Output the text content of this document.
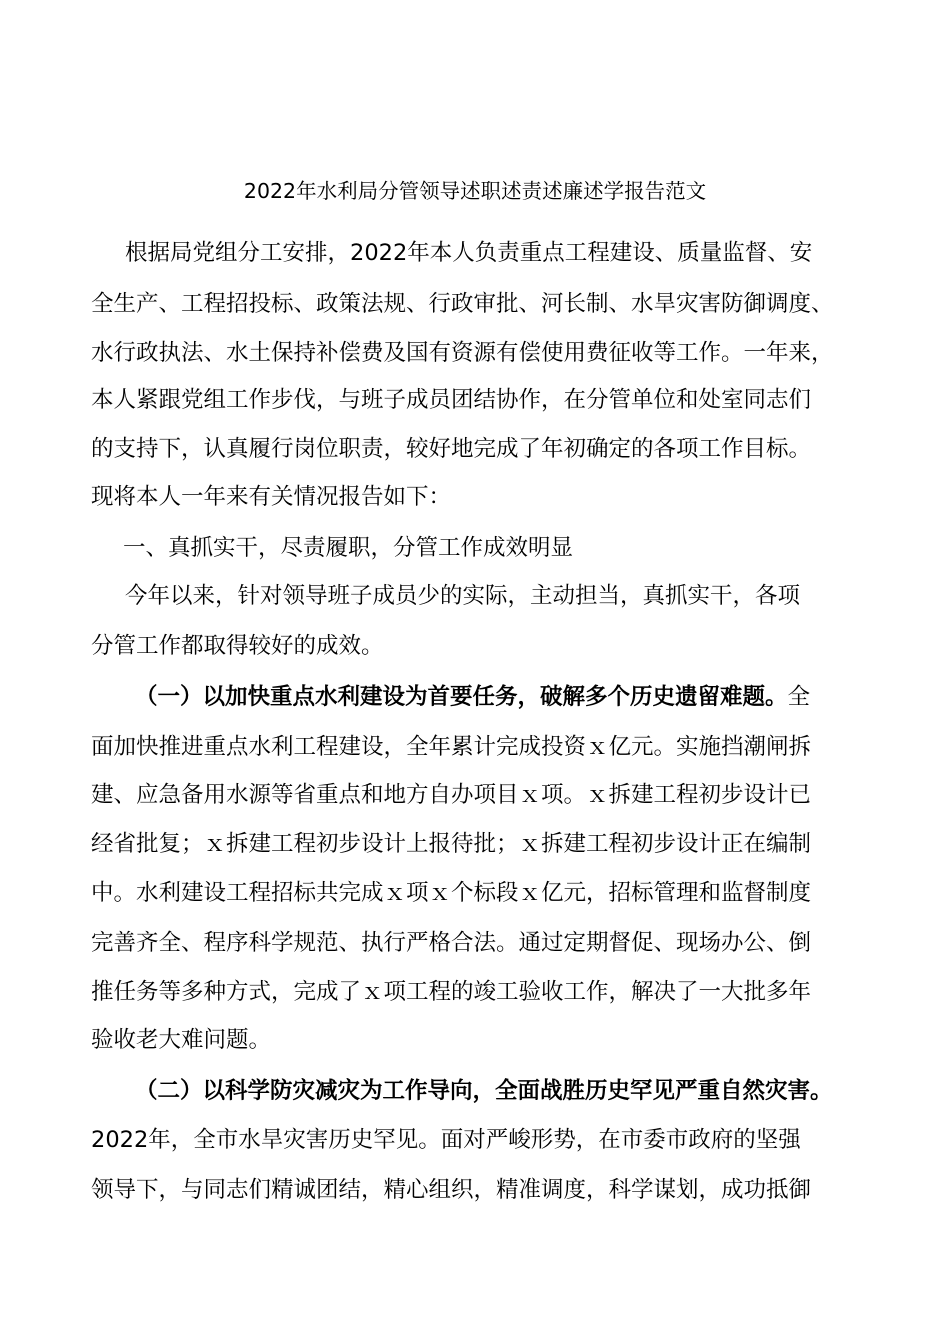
2022年水利局分管领导述职述责述廉述学报告范文
根据局党组分工安排，2022年本人负责重点工程建设、质量监督、安
全生产、工程招投标、政策法规、行政审批、河长制、水旱灾害防御调度、
水行政执法、水土保持补偿费及国有资源有偿使用费征收等工作。一年来，
本人紧跟党组工作步伐，与班子成员团结协作，在分管单位和处室同志们
的支持下，认真履行岗位职责，较好地完成了年初确定的各项工作目标。
现将本人一年来有关情况报告如下：
一、真抓实干，尽责履职，分管工作成效明显
今年以来，针对领导班子成员少的实际，主动担当，真抓实干，各项
分管工作都取得较好的成效。
（一）以加快重点水利建设为首要任务，破解多个历史遗留难题。全
面加快推进重点水利工程建设，全年累计完成投资ｘ亿元。实施挡潮闸拆
建、应急备用水源等省重点和地方自办项目ｘ项。ｘ拆建工程初步设计已
经省批复；ｘ拆建工程初步设计上报待批；ｘ拆建工程初步设计正在编制
中。水利建设工程招标共完成ｘ项ｘ个标段ｘ亿元，招标管理和监督制度
完善齐全、程序科学规范、执行严格合法。通过定期督促、现场办公、倒
推任务等多种方式，完成了ｘ项工程的竣工验收工作，解决了一大批多年
验收老大难问题。
（二）以科学防灾减灾为工作导向，全面战胜历史罕见严重自然灾害。
2022年，全市水旱灾害历史罕见。面对严峻形势，在市委市政府的坚强
领导下，与同志们精诚团结，精心组织，精准调度，科学谋划，成功抵御
